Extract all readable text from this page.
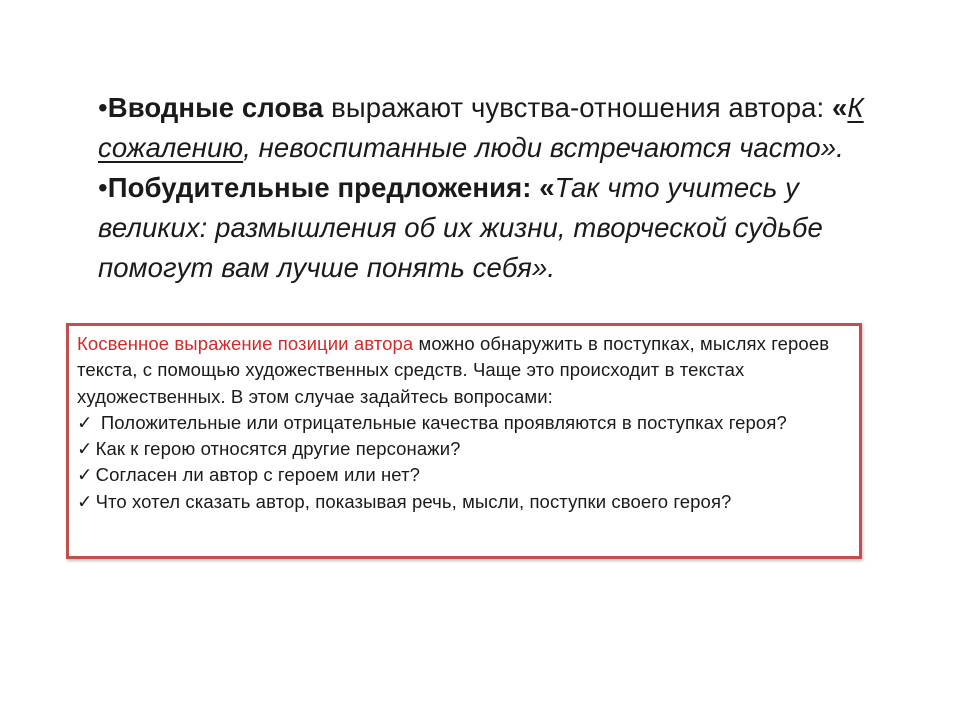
•Вводные слова выражают чувства-отношения автора: «К сожалению, невоспитанные люди встречаются часто».

•Побудительные предложения: «Так что учитесь у великих: размышления об их жизни, творческой судьбе помогут вам лучше понять себя».

Косвенное выражение позиции автора можно обнаружить в поступках, мыслях героев текста, с помощью художественных средств. Чаще это происходит в текстах художественных. В этом случае задайтесь вопросами:

✓ Положительные или отрицательные качества проявляются в поступках героя?

✓ Как к герою относятся другие персонажи?

✓ Согласен ли автор с героем или нет?

✓ Что хотел сказать автор, показывая речь, мысли, поступки своего героя?
